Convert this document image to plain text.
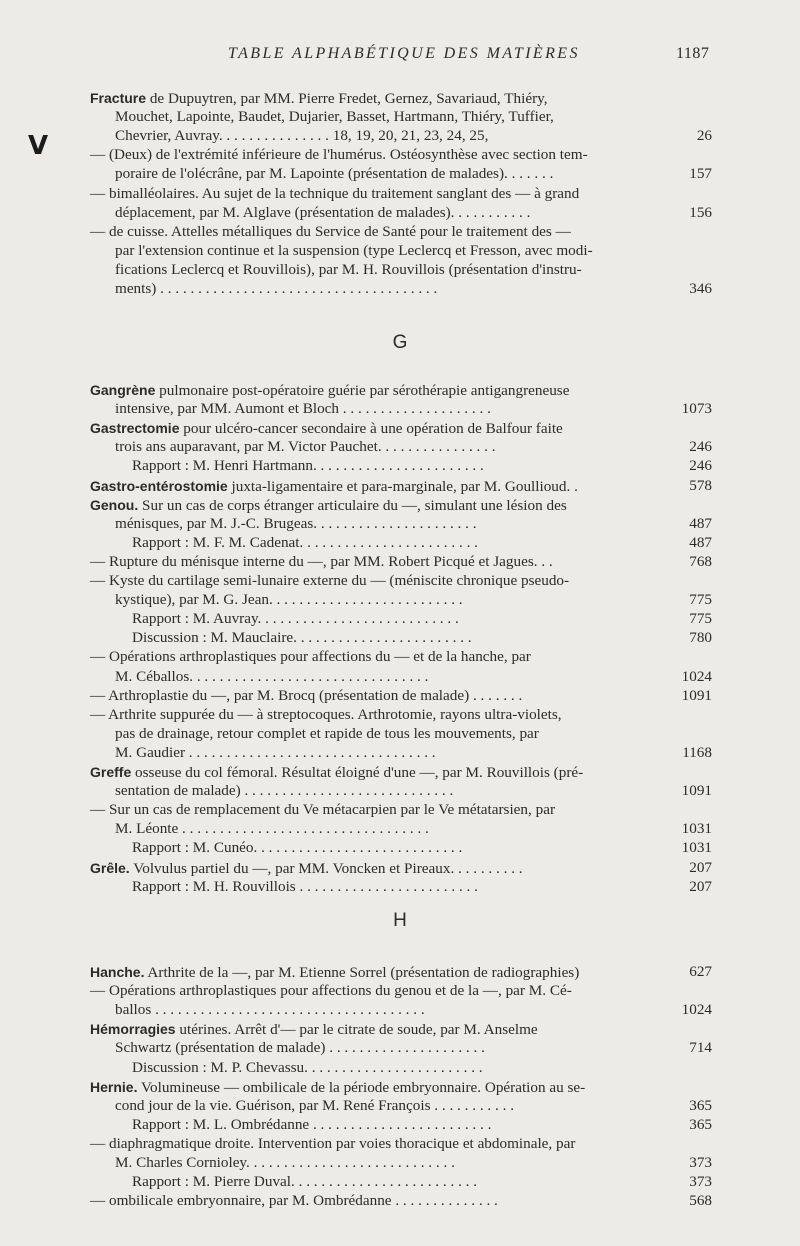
TABLE ALPHABÉTIQUE DES MATIÈRES	1187
V
Fracture de Dupuytren, par MM. Pierre Fredet, Gernez, Savariaud, Thiéry,
Mouchet, Lapointe, Baudet, Dujarier, Basset, Hartmann, Thiéry, Tuffier,
Chevrier, Auvray. . . . . . . . . . . . . . . 18, 19, 20, 21, 23, 24, 25,	26
— (Deux) de l'extrémité inférieure de l'humérus. Ostéosynthèse avec section tem-
poraire de l'olécrâne, par M. Lapointe (présentation de malades). . . . . . .	157
— bimalléolaires. Au sujet de la technique du traitement sanglant des — à grand
déplacement, par M. Alglave (présentation de malades). . . . . . . . . . .	156
— de cuisse. Attelles métalliques du Service de Santé pour le traitement des —
par l'extension continue et la suspension (type Leclercq et Fresson, avec modi-
fications Leclercq et Rouvillois), par M. H. Rouvillois (présentation d'instru-
ments) . . . . . . . . . . . . . . . . . . . . . . . . . . . . . . . . . . . . .	346
G
Gangrène pulmonaire post-opératoire guérie par sérothérapie antigangreneuse
intensive, par MM. Aumont et Bloch . . . . . . . . . . . . . . . . . . . .	1073
Gastrectomie pour ulcéro-cancer secondaire à une opération de Balfour faite
trois ans auparavant, par M. Victor Pauchet. . . . . . . . . . . . . . . .	246
Rapport : M. Henri Hartmann. . . . . . . . . . . . . . . . . . . . . . .	246
Gastro-entérostomie juxta-ligamentaire et para-marginale, par M. Goullioud. .	578
Genou. Sur un cas de corps étranger articulaire du —, simulant une lésion des
ménisques, par M. J.-C. Brugeas. . . . . . . . . . . . . . . . . . . . . .	487
Rapport : M. F. M. Cadenat. . . . . . . . . . . . . . . . . . . . . . . .	487
— Rupture du ménisque interne du —, par MM. Robert Picqué et Jagues. . .	768
— Kyste du cartilage semi-lunaire externe du — (méniscite chronique pseudo-
kystique), par M. G. Jean. . . . . . . . . . . . . . . . . . . . . . . . . .	775
Rapport : M. Auvray. . . . . . . . . . . . . . . . . . . . . . . . . . .	775
Discussion : M. Mauclaire. . . . . . . . . . . . . . . . . . . . . . . .	780
— Opérations arthroplastiques pour affections du — et de la hanche, par
M. Céballos. . . . . . . . . . . . . . . . . . . . . . . . . . . . . . . .	1024
— Arthroplastie du —, par M. Brocq (présentation de malade) . . . . . . .	1091
— Arthrite suppurée du — à streptocoques. Arthrotomie, rayons ultra-violets,
pas de drainage, retour complet et rapide de tous les mouvements, par
M. Gaudier . . . . . . . . . . . . . . . . . . . . . . . . . . . . . . . . .	1168
Greffe osseuse du col fémoral. Résultat éloigné d'une —, par M. Rouvillois (pré-
sentation de malade) . . . . . . . . . . . . . . . . . . . . . . . . . . . .	1091
— Sur un cas de remplacement du Ve métacarpien par le Ve métatarsien, par
M. Léonte . . . . . . . . . . . . . . . . . . . . . . . . . . . . . . . . .	1031
Rapport : M. Cunéo. . . . . . . . . . . . . . . . . . . . . . . . . . . .	1031
Grêle. Volvulus partiel du —, par MM. Voncken et Pireaux. . . . . . . . . .	207
Rapport : M. H. Rouvillois . . . . . . . . . . . . . . . . . . . . . . . .	207
H
Hanche. Arthrite de la —, par M. Etienne Sorrel (présentation de radiographies)	627
— Opérations arthroplastiques pour affections du genou et de la —, par M. Cé-
ballos . . . . . . . . . . . . . . . . . . . . . . . . . . . . . . . . . . . .	1024
Hémorragies utérines. Arrêt d'— par le citrate de soude, par M. Anselme
Schwartz (présentation de malade) . . . . . . . . . . . . . . . . . . . . .	714
Discussion : M. P. Chevassu. . . . . . . . . . . . . . . . . . . . . . . .
Hernie. Volumineuse — ombilicale de la période embryonnaire. Opération au se-
cond jour de la vie. Guérison, par M. René François . . . . . . . . . . .	365
Rapport : M. L. Ombrédanne . . . . . . . . . . . . . . . . . . . . . . . .	365
— diaphragmatique droite. Intervention par voies thoracique et abdominale, par
M. Charles Cornioley. . . . . . . . . . . . . . . . . . . . . . . . . . . .	373
Rapport : M. Pierre Duval. . . . . . . . . . . . . . . . . . . . . . . . .	373
— ombilicale embryonnaire, par M. Ombrédanne . . . . . . . . . . . . . .	568
